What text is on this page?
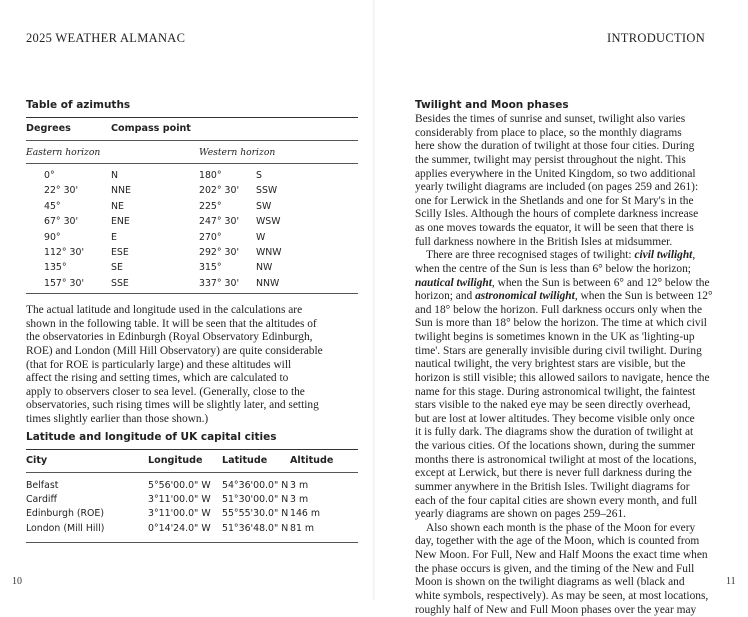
2025 WEATHER ALMANAC	INTRODUCTION
Table of azimuths
Degrees	Compass point
Eastern horizon	Western horizon
0°	N	180°	S
22° 30'	NNE	202° 30' SSW
45°	NE	225°	SW
67° 30'	ENE	247° 30' WSW
90°	E	270°	W
112° 30'	ESE	292° 30' WNW
135°	SE	315°	NW
157° 30'	SSE	337° 30' NNW
The actual latitude and longitude used in the calculations are
shown in the following table. It will be seen that the altitudes of
the observatories in Edinburgh (Royal Observatory Edinburgh,
ROE) and London (Mill Hill Observatory) are quite considerable
(that for ROE is particularly large) and these altitudes will
affect the rising and setting times, which are calculated to
apply to observers closer to sea level. (Generally, close to the
observatories, such rising times will be slightly later, and setting
times slightly earlier than those shown.)
Latitude and longitude of UK capital cities
City	Longitude Latitude Altitude
Belfast	5°56'00.0" W 54°36'00.0" N 3 m
Cardiff	3°11'00.0" W 51°30'00.0" N 3 m
Edinburgh (ROE)	3°11'00.0" W 55°55'30.0" N 146 m
London (Mill Hill)	0°14'24.0" W 51°36'48.0" N 81 m
10
Twilight and Moon phases
Besides the times of sunrise and sunset, twilight also varies
considerably from place to place, so the monthly diagrams
here show the duration of twilight at those four cities. During
the summer, twilight may persist throughout the night. This
applies everywhere in the United Kingdom, so two additional
yearly twilight diagrams are included (on pages 259 and 261):
one for Lerwick in the Shetlands and one for St Mary's in the
Scilly Isles. Although the hours of complete darkness increase
as one moves towards the equator, it will be seen that there is
full darkness nowhere in the British Isles at midsummer.
There are three recognised stages of twilight: civil twilight,
when the centre of the Sun is less than 6° below the horizon;
nautical twilight, when the Sun is between 6° and 12° below the
horizon; and astronomical twilight, when the Sun is between 12°
and 18° below the horizon. Full darkness occurs only when the
Sun is more than 18° below the horizon. The time at which civil
twilight begins is sometimes known in the UK as 'lighting-up
time'. Stars are generally invisible during civil twilight. During
nautical twilight, the very brightest stars are visible, but the
horizon is still visible; this allowed sailors to navigate, hence the
name for this stage. During astronomical twilight, the faintest
stars visible to the naked eye may be seen directly overhead,
but are lost at lower altitudes. They become visible only once
it is fully dark. The diagrams show the duration of twilight at
the various cities. Of the locations shown, during the summer
months there is astronomical twilight at most of the locations,
except at Lerwick, but there is never full darkness during the
summer anywhere in the British Isles. Twilight diagrams for
each of the four capital cities are shown every month, and full
yearly diagrams are shown on pages 259–261.
Also shown each month is the phase of the Moon for every
day, together with the age of the Moon, which is counted from
New Moon. For Full, New and Half Moons the exact time when
the phase occurs is given, and the timing of the New and Full
Moon is shown on the twilight diagrams as well (black and
white symbols, respectively). As may be seen, at most locations,
roughly half of New and Full Moon phases over the year may
11
